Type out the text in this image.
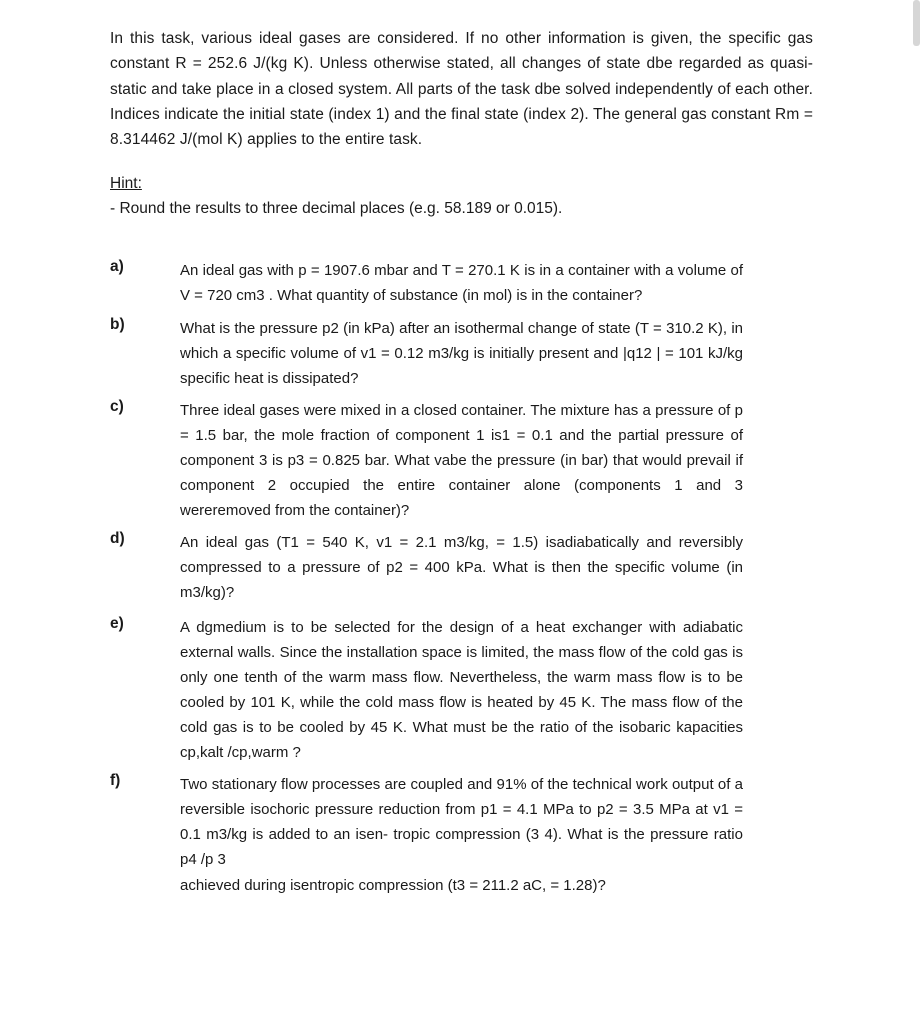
In this task, various ideal gases are considered. If no other information is given, the specific gas constant R = 252.6 J/(kg K). Unless otherwise stated, all changes of state dbe regarded as quasi-static and take place in a closed system. All parts of the task dbe solved independently of each other. Indices indicate the initial state (index 1) and the final state (index 2). The general gas constant Rm = 8.314462 J/(mol K) applies to the entire task.

Hint:
- Round the results to three decimal places (e.g. 58.189 or 0.015).
a)	An ideal gas with p = 1907.6 mbar and T = 270.1 K is in a container with a volume of V = 720 cm3 . What quantity of substance (in mol) is in the container?
b)	What is the pressure p2 (in kPa) after an isothermal change of state (T = 310.2 K), in which a specific volume of v1 = 0.12 m3/kg is initially present and |q12 | = 101 kJ/kg specific heat is dissipated?
c)	Three ideal gases were mixed in a closed container. The mixture has a pressure of p = 1.5 bar, the mole fraction of component 1 is1 = 0.1 and the partial pressure of component 3 is p3 = 0.825 bar. What vabe the pressure (in bar) that would prevail if component 2 occupied the entire container alone (components 1 and 3 wereremoved from the container)?
d)	An ideal gas (T1 = 540 K, v1 = 2.1 m3/kg, = 1.5) isadiabatically and reversibly compressed to a pressure of p2 = 400 kPa. What is then the specific volume (in m3/kg)?
e)	A dgmedium is to be selected for the design of a heat exchanger with adiabatic external walls. Since the installation space is limited, the mass flow of the cold gas is only one tenth of the warm mass flow. Nevertheless, the warm mass flow is to be cooled by 101 K, while the cold mass flow is heated by 45 K. The mass flow of the cold gas is to be cooled by 45 K. What must be the ratio of the isobaric kapacities cp,kalt /cp,warm ?
f)	Two stationary flow processes are coupled and 91% of the technical work output of a reversible isochoric pressure reduction from p1 = 4.1 MPa to p2 = 3.5 MPa at v1 = 0.1 m3/kg is added to an isen- tropic compression (3 4). What is the pressure ratio p4 /p 3
achieved during isentropic compression (t3 = 211.2 aC, = 1.28)?
